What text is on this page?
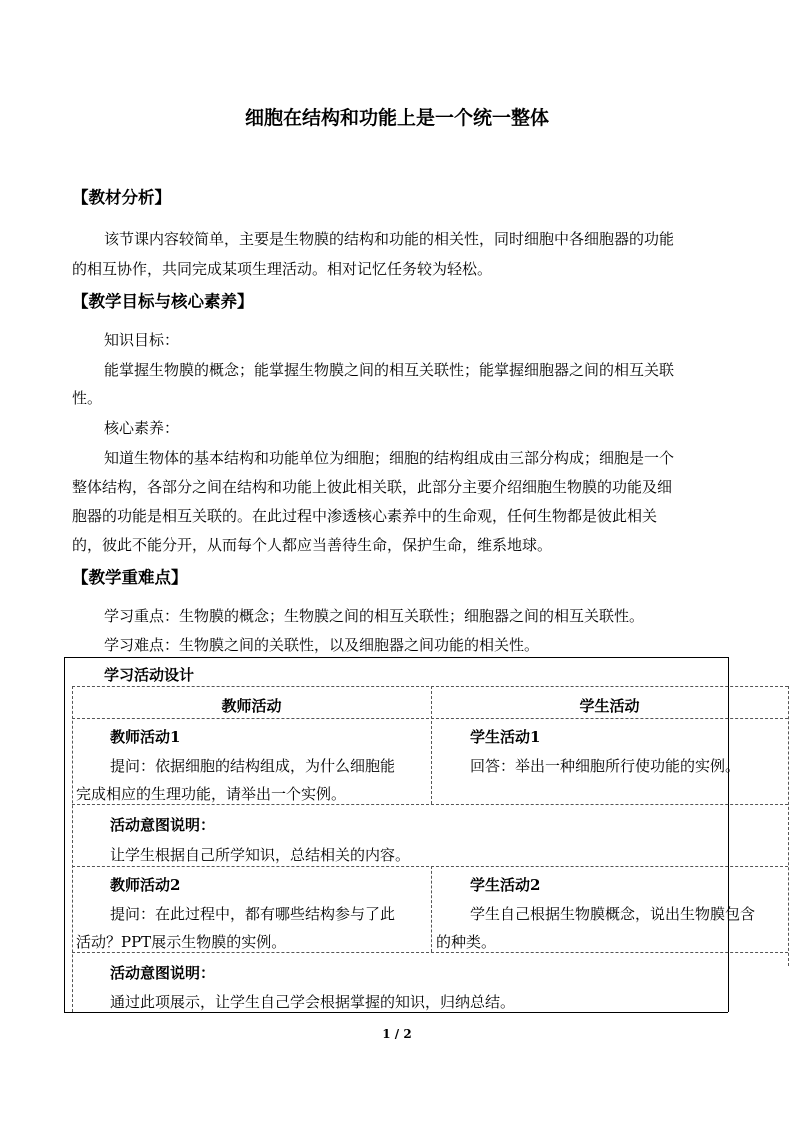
细胞在结构和功能上是一个统一整体
【教材分析】
该节课内容较简单，主要是生物膜的结构和功能的相关性，同时细胞中各细胞器的功能
的相互协作，共同完成某项生理活动。相对记忆任务较为轻松。
【教学目标与核心素养】
知识目标：
能掌握生物膜的概念；能掌握生物膜之间的相互关联性；能掌握细胞器之间的相互关联
性。
核心素养：
知道生物体的基本结构和功能单位为细胞；细胞的结构组成由三部分构成；细胞是一个
整体结构，各部分之间在结构和功能上彼此相关联，此部分主要介绍细胞生物膜的功能及细
胞器的功能是相互关联的。在此过程中渗透核心素养中的生命观，任何生物都是彼此相关
的，彼此不能分开，从而每个人都应当善待生命，保护生命，维系地球。
【教学重难点】
学习重点：生物膜的概念；生物膜之间的相互关联性；细胞器之间的相互关联性。
学习难点：生物膜之间的关联性，以及细胞器之间功能的相关性。
学习活动设计
教师活动	学生活动
教师活动1
提问：依据细胞的结构组成，为什么细胞能
完成相应的生理功能，请举出一个实例。
学生活动1
回答：举出一种细胞所行使功能的实例。
活动意图说明：
让学生根据自己所学知识，总结相关的内容。
教师活动2
提问：在此过程中，都有哪些结构参与了此
活动？PPT展示生物膜的实例。
学生活动2
学生自己根据生物膜概念，说出生物膜包含
的种类。
活动意图说明：
通过此项展示，让学生自己学会根据掌握的知识，归纳总结。
1 / 2
